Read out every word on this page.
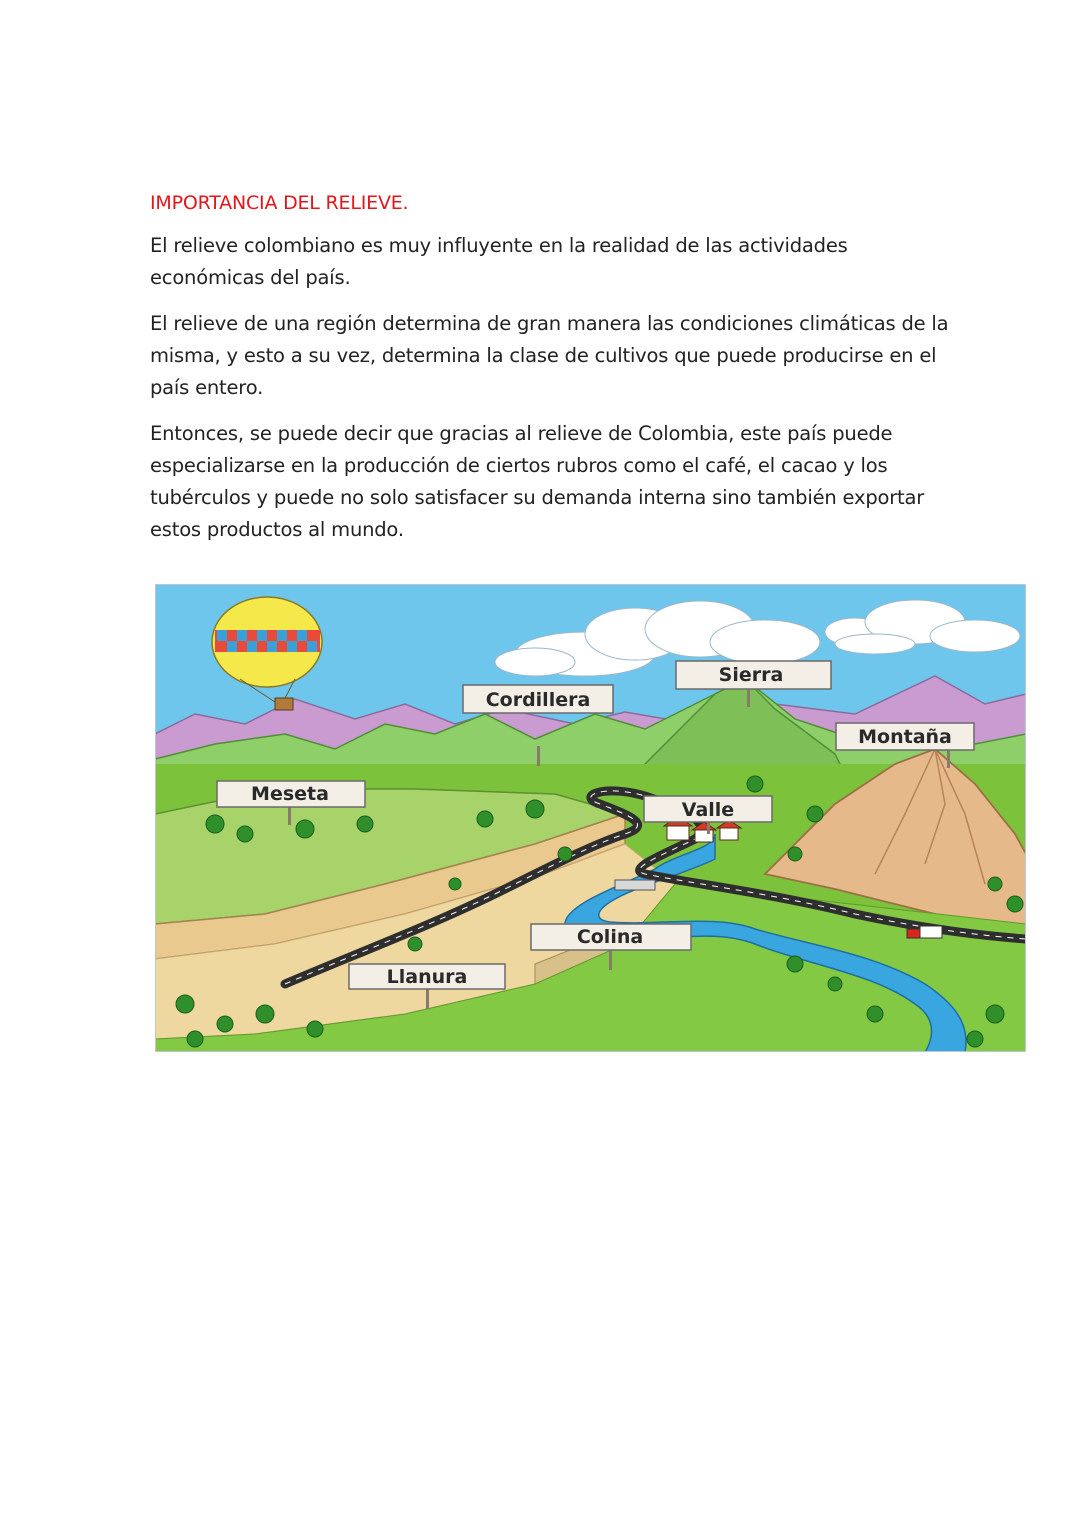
IMPORTANCIA DEL RELIEVE.

El relieve colombiano es muy influyente en la realidad de las actividades económicas del país.

El relieve de una región determina de gran manera las condiciones climáticas de la misma, y esto a su vez, determina la clase de cultivos que puede producirse en el país entero.

Entonces, se puede decir que gracias al relieve de Colombia, este país puede especializarse en la producción de ciertos rubros como el café, el cacao y los tubérculos y puede no solo satisfacer su demanda interna sino también exportar estos productos al mundo.

Cordillera
Sierra
Montaña
Meseta
Valle
Colina
Llanura
